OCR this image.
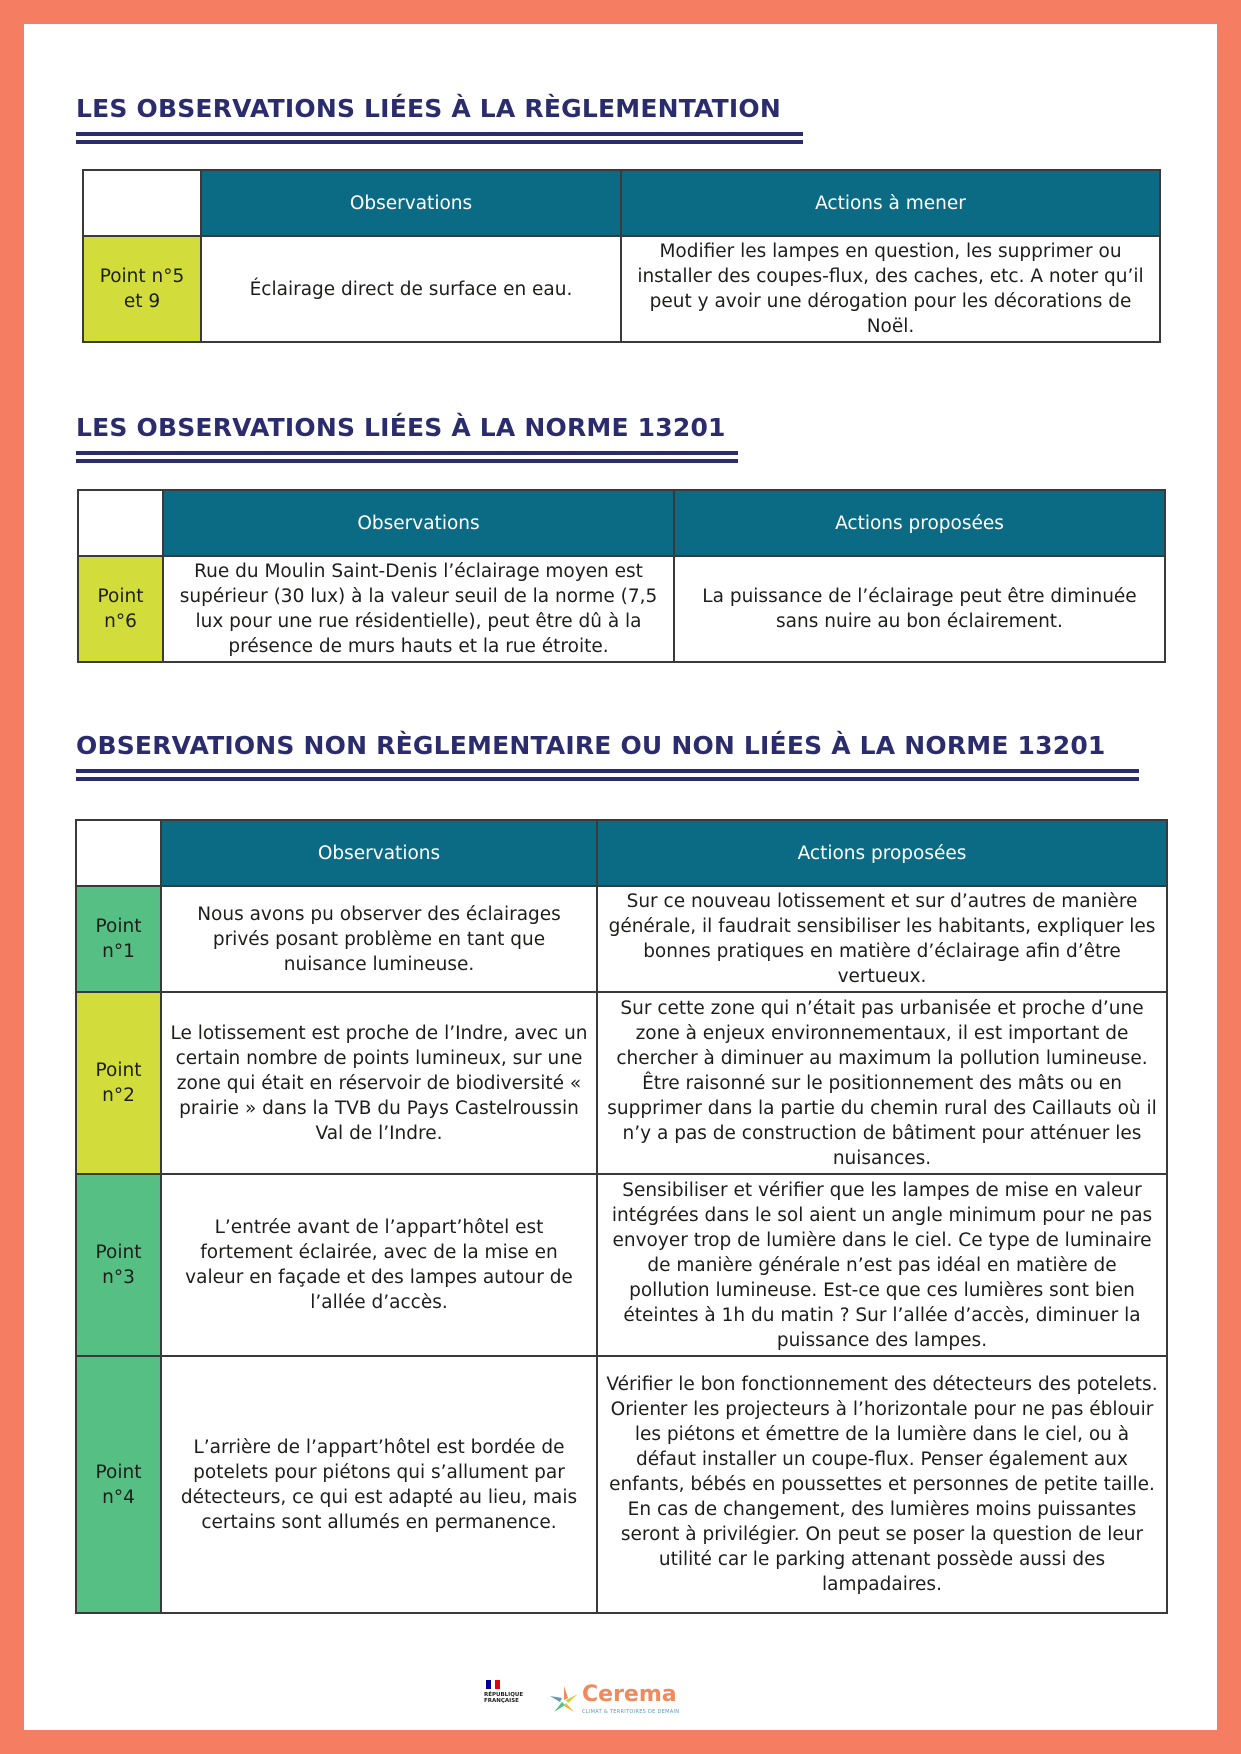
LES OBSERVATIONS LIÉES À LA RÈGLEMENTATION
	Observations	Actions à mener
Point n°5 et 9	Éclairage direct de surface en eau.	Modifier les lampes en question, les supprimer ou installer des coupes-flux, des caches, etc. A noter qu’il peut y avoir une dérogation pour les décorations de Noël.
LES OBSERVATIONS LIÉES À LA NORME 13201
	Observations	Actions proposées
Point n°6	Rue du Moulin Saint-Denis l’éclairage moyen est supérieur (30 lux) à la valeur seuil de la norme (7,5 lux pour une rue résidentielle), peut être dû à la présence de murs hauts et la rue étroite.	La puissance de l’éclairage peut être diminuée sans nuire au bon éclairement.
OBSERVATIONS NON RÈGLEMENTAIRE OU NON LIÉES À LA NORME 13201
	Observations	Actions proposées
Point n°1	Nous avons pu observer des éclairages privés posant problème en tant que nuisance lumineuse.	Sur ce nouveau lotissement et sur d’autres de manière générale, il faudrait sensibiliser les habitants, expliquer les bonnes pratiques en matière d’éclairage afin d’être vertueux.
Point n°2	Le lotissement est proche de l’Indre, avec un certain nombre de points lumineux, sur une zone qui était en réservoir de biodiversité « prairie » dans la TVB du Pays Castelroussin Val de l’Indre.	Sur cette zone qui n’était pas urbanisée et proche d’une zone à enjeux environnementaux, il est important de chercher à diminuer au maximum la pollution lumineuse. Être raisonné sur le positionnement des mâts ou en supprimer dans la partie du chemin rural des Caillauts où il n’y a pas de construction de bâtiment pour atténuer les nuisances.
Point n°3	L’entrée avant de l’appart’hôtel est fortement éclairée, avec de la mise en valeur en façade et des lampes autour de l’allée d’accès.	Sensibiliser et vérifier que les lampes de mise en valeur intégrées dans le sol aient un angle minimum pour ne pas envoyer trop de lumière dans le ciel. Ce type de luminaire de manière générale n’est pas idéal en matière de pollution lumineuse. Est-ce que ces lumières sont bien éteintes à 1h du matin ? Sur l’allée d’accès, diminuer la puissance des lampes.
Point n°4	L’arrière de l’appart’hôtel est bordée de potelets pour piétons qui s’allument par détecteurs, ce qui est adapté au lieu, mais certains sont allumés en permanence.	Vérifier le bon fonctionnement des détecteurs des potelets. Orienter les projecteurs à l’horizontale pour ne pas éblouir les piétons et émettre de la lumière dans le ciel, ou à défaut installer un coupe-flux. Penser également aux enfants, bébés en poussettes et personnes de petite taille. En cas de changement, des lumières moins puissantes seront à privilégier. On peut se poser la question de leur utilité car le parking attenant possède aussi des lampadaires.
RÉPUBLIQUE
FRANÇAISE	Cerema
CLIMAT & TERRITOIRES DE DEMAIN
